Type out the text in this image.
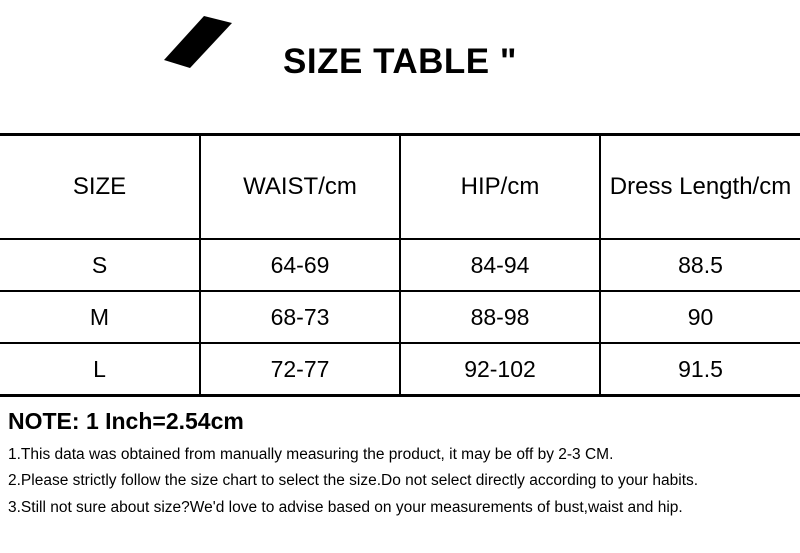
SIZE TABLE "
SIZE	WAIST/cm	HIP/cm	Dress Length/cm
S	64-69	84-94	88.5
M	68-73	88-98	90
L	72-77	92-102	91.5
NOTE: 1 Inch=2.54cm
1.This data was obtained from manually measuring the product, it may be off by 2-3 CM.
2.Please strictly follow the size chart to select the size.Do not select directly according to your habits.
3.Still not sure about size?We'd love to advise based on your measurements of bust,waist and hip.
